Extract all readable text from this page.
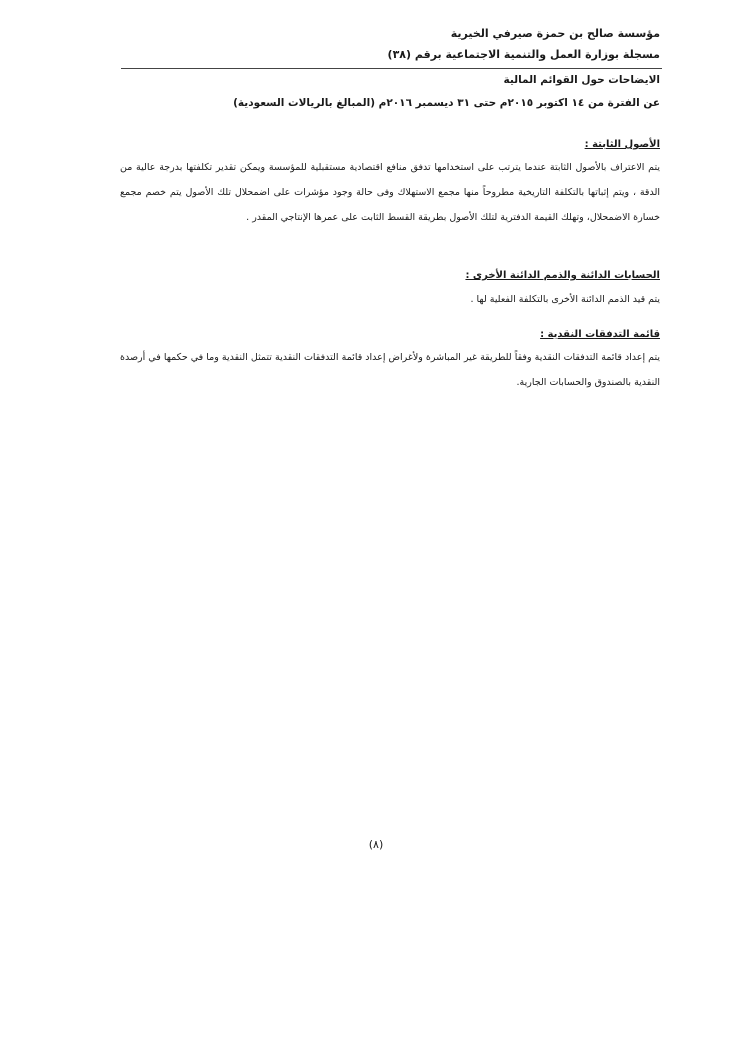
مؤسسة صالح بن حمزة صيرفي الخيرية
مسجلة بوزارة العمل والتنمية الاجتماعية برقم (٣٨)
الايضاحات حول القوائم المالية
عن الفترة من ١٤ اكتوبر ٢٠١٥م حتى ٣١ ديسمبر ٢٠١٦م (المبالغ بالريالات السعودية)
الأصول الثابتة :
يتم الاعتراف بالأصول الثابتة عندما يترتب على استخدامها تدفق منافع اقتصادية مستقبلية للمؤسسة ويمكن تقدير تكلفتها بدرجة عالية من الدقة ، ويتم إثباتها بالتكلفة التاريخية مطروحاً منها مجمع الاستهلاك وفى حالة وجود مؤشرات على اضمحلال تلك الأصول يتم خصم مجمع خسارة الاضمحلال، وتهلك القيمة الدفترية لتلك الأصول بطريقة القسط الثابت على عمرها الإنتاجي المقدر .
الحسابات الدائنة والذمم الدائنة الأخرى :
يتم قيد الذمم الدائنة الأخرى بالتكلفة الفعلية لها .
قائمة التدفقات النقدية :
يتم إعداد قائمة التدفقات النقدية وفقاً للطريقة غير المباشرة ولأغراض إعداد قائمة التدفقات النقدية تتمثل النقدية وما في حكمها في أرصدة النقدية بالصندوق والحسابات الجارية.
(٨)
